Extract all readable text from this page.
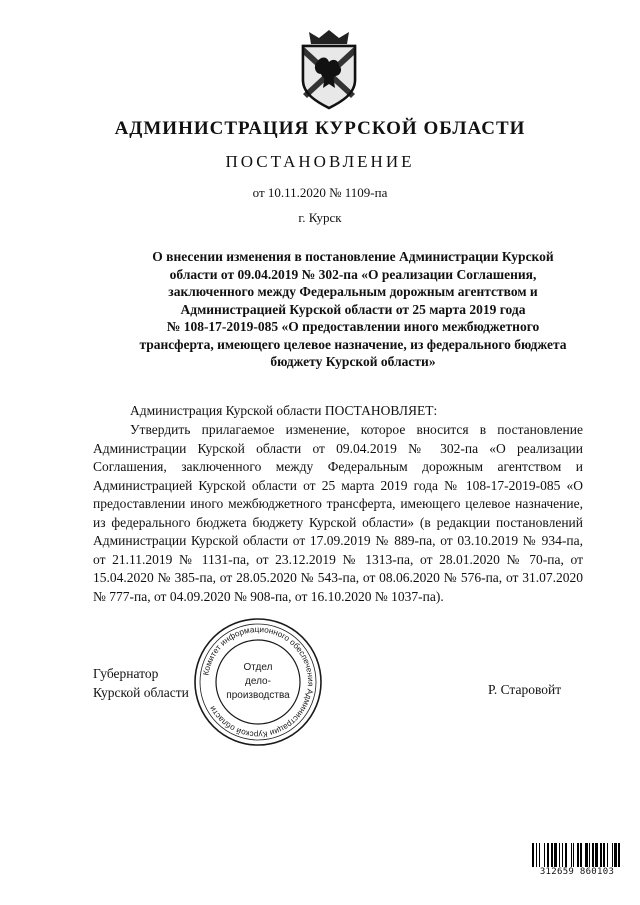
АДМИНИСТРАЦИЯ КУРСКОЙ ОБЛАСТИ
ПОСТАНОВЛЕНИЕ
от 10.11.2020 № 1109-па
г. Курск
О внесении изменения в постановление Администрации Курской
области от 09.04.2019 № 302-па «О реализации Соглашения,
заключенного между Федеральным дорожным агентством и
Администрацией Курской области от 25 марта 2019 года
№ 108-17-2019-085 «О предоставлении иного межбюджетного
трансферта, имеющего целевое назначение, из федерального бюджета
бюджету Курской области»
Администрация Курской области ПОСТАНОВЛЯЕТ:
Утвердить прилагаемое изменение, которое вносится в постановление Администрации Курской области от 09.04.2019 № 302-па «О реализации Соглашения, заключенного между Федеральным дорожным агентством и Администрацией Курской области от 25 марта 2019 года № 108-17-2019-085 «О предоставлении иного межбюджетного трансферта, имеющего целевое назначение, из федерального бюджета бюджету Курской области» (в редакции постановлений Администрации Курской области от 17.09.2019 № 889-па, от 03.10.2019 № 934-па, от 21.11.2019 № 1131-па, от 23.12.2019 № 1313-па, от 28.01.2020 № 70-па, от 15.04.2020 № 385-па, от 28.05.2020 № 543-па, от 08.06.2020 № 576-па, от 31.07.2020 № 777-па, от 04.09.2020 № 908-па, от 16.10.2020 № 1037-па).
Губернатор
Курской области	Р. Старовойт
Комитет информационного обеспечения Администрации Курской области
Отдел
дело-
производства
312659 860103
